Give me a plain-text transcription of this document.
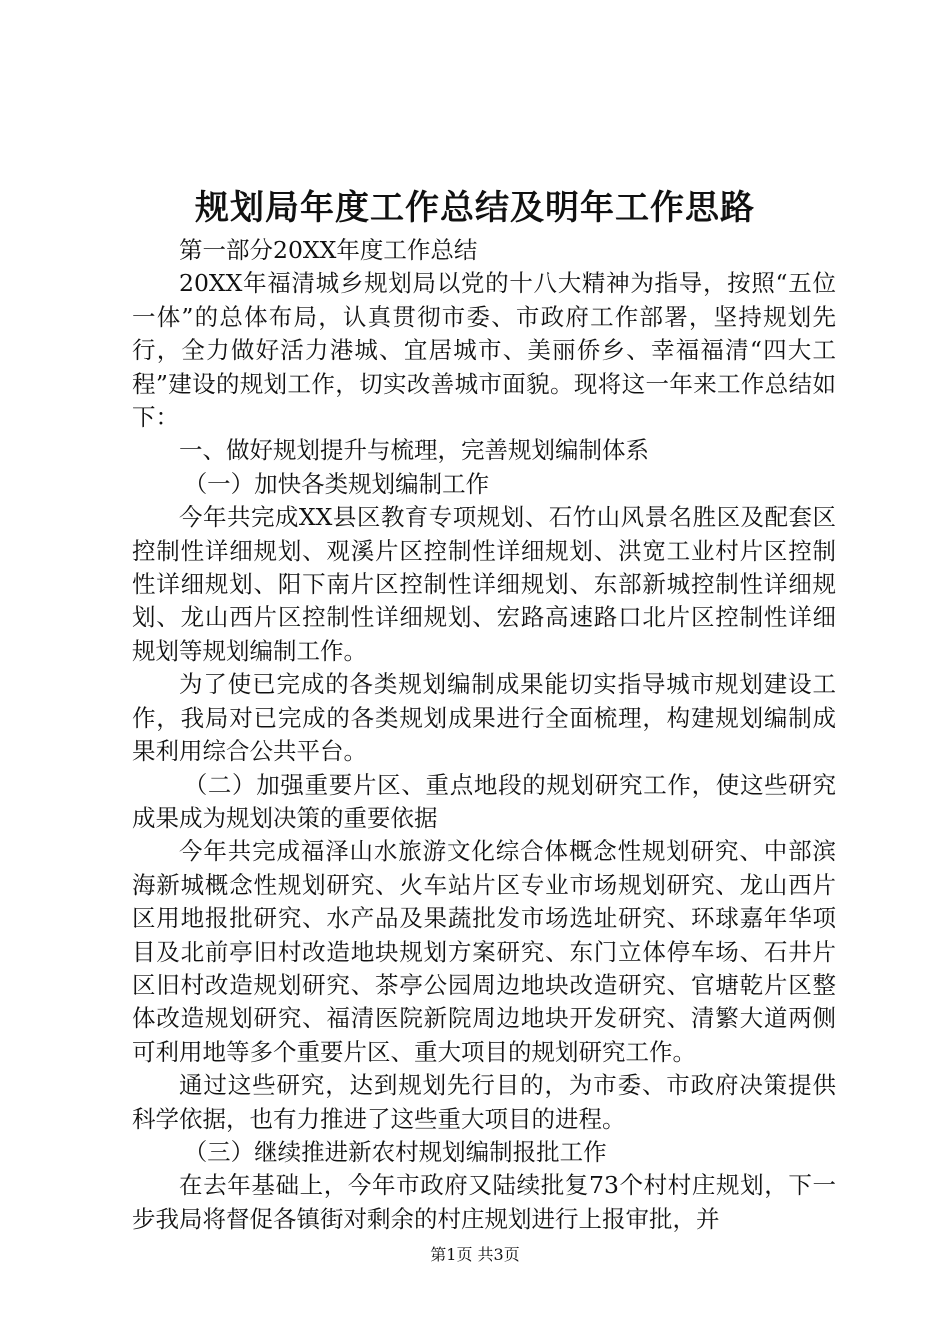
规划局年度工作总结及明年工作思路

第一部分20XX年度工作总结

20XX年福清城乡规划局以党的十八大精神为指导，按照“五位一体”的总体布局，认真贯彻市委、市政府工作部署，坚持规划先行，全力做好活力港城、宜居城市、美丽侨乡、幸福福清“四大工程”建设的规划工作，切实改善城市面貌。现将这一年来工作总结如下：

一、做好规划提升与梳理，完善规划编制体系

（一）加快各类规划编制工作

今年共完成XX县区教育专项规划、石竹山风景名胜区及配套区控制性详细规划、观溪片区控制性详细规划、洪宽工业村片区控制性详细规划、阳下南片区控制性详细规划、东部新城控制性详细规划、龙山西片区控制性详细规划、宏路高速路口北片区控制性详细规划等规划编制工作。

为了使已完成的各类规划编制成果能切实指导城市规划建设工作，我局对已完成的各类规划成果进行全面梳理，构建规划编制成果利用综合公共平台。

（二）加强重要片区、重点地段的规划研究工作，使这些研究成果成为规划决策的重要依据

今年共完成福泽山水旅游文化综合体概念性规划研究、中部滨海新城概念性规划研究、火车站片区专业市场规划研究、龙山西片区用地报批研究、水产品及果蔬批发市场选址研究、环球嘉年华项目及北前亭旧村改造地块规划方案研究、东门立体停车场、石井片区旧村改造规划研究、茶亭公园周边地块改造研究、官塘乾片区整体改造规划研究、福清医院新院周边地块开发研究、清繁大道两侧可利用地等多个重要片区、重大项目的规划研究工作。

通过这些研究，达到规划先行目的，为市委、市政府决策提供科学依据，也有力推进了这些重大项目的进程。

（三）继续推进新农村规划编制报批工作

在去年基础上，今年市政府又陆续批复73个村村庄规划，下一步我局将督促各镇街对剩余的村庄规划进行上报审批，并

第1页 共3页
